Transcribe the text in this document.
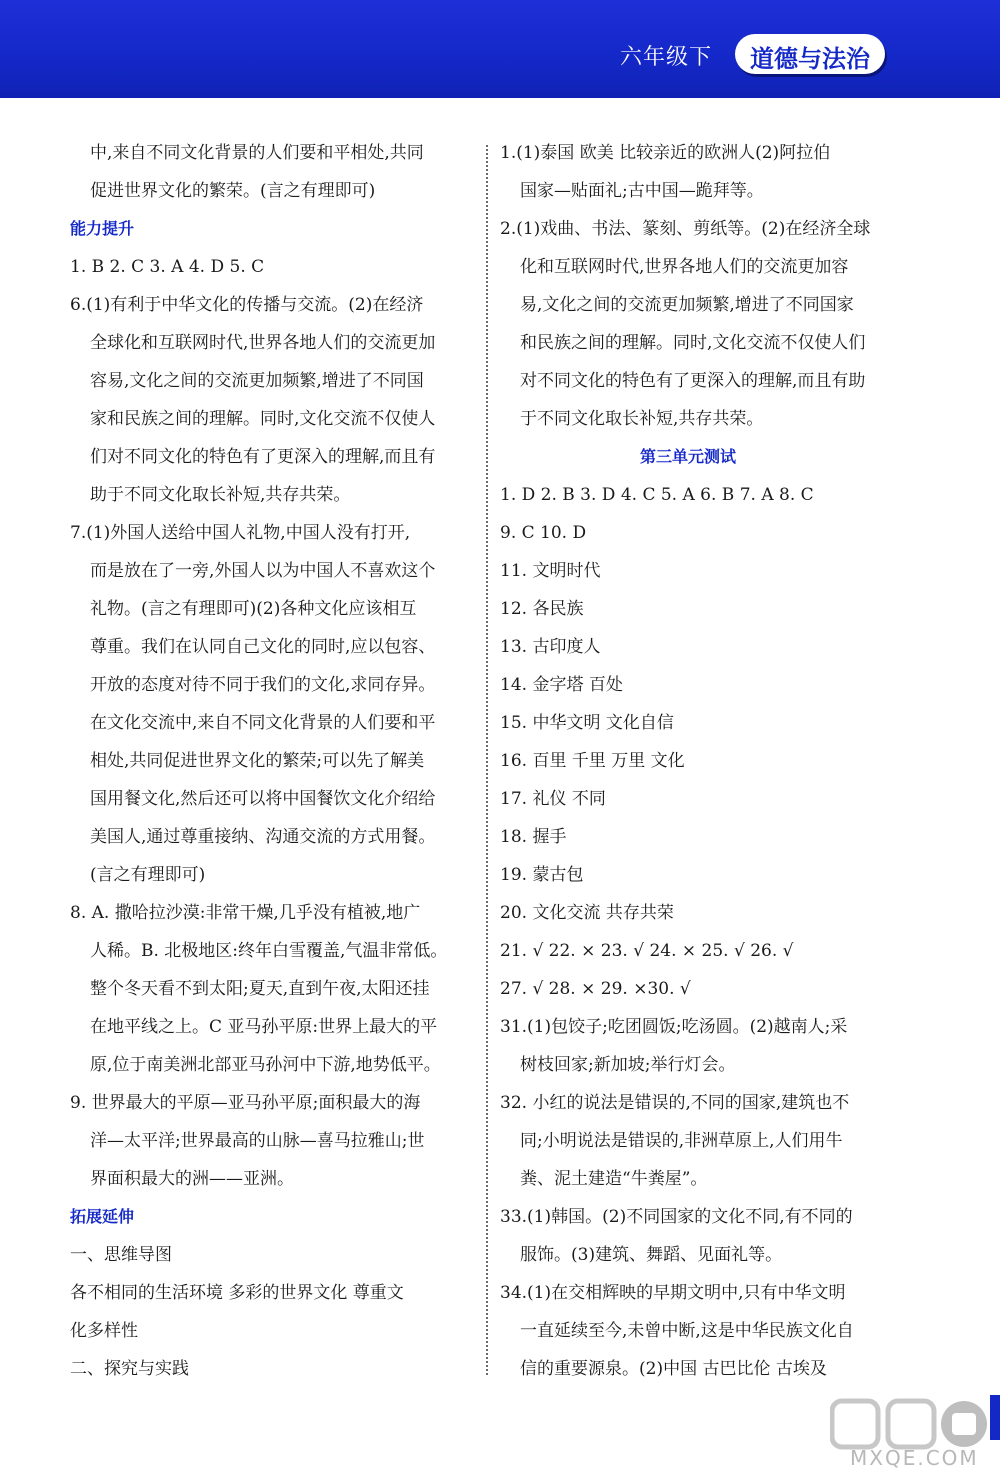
六年级下	道德与法治
中,来自不同文化背景的人们要和平相处,共同
促进世界文化的繁荣。(言之有理即可)
能力提升
1. B 2. C 3. A 4. D 5. C
6.(1)有利于中华文化的传播与交流。(2)在经济
全球化和互联网时代,世界各地人们的交流更加
容易,文化之间的交流更加频繁,增进了不同国
家和民族之间的理解。同时,文化交流不仅使人
们对不同文化的特色有了更深入的理解,而且有
助于不同文化取长补短,共存共荣。
7.(1)外国人送给中国人礼物,中国人没有打开,
而是放在了一旁,外国人以为中国人不喜欢这个
礼物。(言之有理即可)(2)各种文化应该相互
尊重。我们在认同自己文化的同时,应以包容、
开放的态度对待不同于我们的文化,求同存异。
在文化交流中,来自不同文化背景的人们要和平
相处,共同促进世界文化的繁荣;可以先了解美
国用餐文化,然后还可以将中国餐饮文化介绍给
美国人,通过尊重接纳、沟通交流的方式用餐。
(言之有理即可)
8. A. 撒哈拉沙漠:非常干燥,几乎没有植被,地广
人稀。B. 北极地区:终年白雪覆盖,气温非常低。
整个冬天看不到太阳;夏天,直到午夜,太阳还挂
在地平线之上。C 亚马孙平原:世界上最大的平
原,位于南美洲北部亚马孙河中下游,地势低平。
9. 世界最大的平原—亚马孙平原;面积最大的海
洋—太平洋;世界最高的山脉—喜马拉雅山;世
界面积最大的洲——亚洲。
拓展延伸
一、思维导图
各不相同的生活环境 多彩的世界文化 尊重文
化多样性
二、探究与实践
1.(1)泰国 欧美 比较亲近的欧洲人(2)阿拉伯
国家—贴面礼;古中国—跪拜等。
2.(1)戏曲、书法、篆刻、剪纸等。(2)在经济全球
化和互联网时代,世界各地人们的交流更加容
易,文化之间的交流更加频繁,增进了不同国家
和民族之间的理解。同时,文化交流不仅使人们
对不同文化的特色有了更深入的理解,而且有助
于不同文化取长补短,共存共荣。
第三单元测试
1. D 2. B 3. D 4. C 5. A 6. B 7. A 8. C
9. C 10. D
11. 文明时代
12. 各民族
13. 古印度人
14. 金字塔 百处
15. 中华文明 文化自信
16. 百里 千里 万里 文化
17. 礼仪 不同
18. 握手
19. 蒙古包
20. 文化交流 共存共荣
21. √ 22. × 23. √ 24. × 25. √ 26. √
27. √ 28. × 29. ×30. √
31.(1)包饺子;吃团圆饭;吃汤圆。(2)越南人;采
树枝回家;新加坡;举行灯会。
32. 小红的说法是错误的,不同的国家,建筑也不
同;小明说法是错误的,非洲草原上,人们用牛
粪、泥土建造“牛粪屋”。
33.(1)韩国。(2)不同国家的文化不同,有不同的
服饰。(3)建筑、舞蹈、见面礼等。
34.(1)在交相辉映的早期文明中,只有中华文明
一直延续至今,未曾中断,这是中华民族文化自
信的重要源泉。(2)中国 古巴比伦 古埃及
MXQE.COM
